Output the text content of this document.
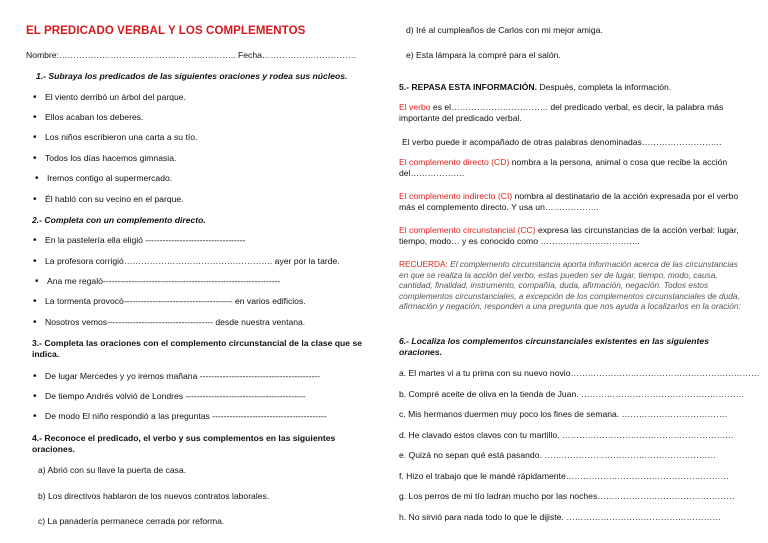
EL PREDICADO VERBAL Y LOS COMPLEMENTOS
Nombre:…………………………………………………….. Fecha……………………………
1.- Subraya los predicados de las siguientes oraciones y rodea sus núcleos.
• El viento derribó un árbol del parque.
• Ellos acaban los deberes.
• Los niños escribieron una carta a su tío.
• Todos los días hacemos gimnasia.
• Iremos contigo al supermercado.
• Él habló con su vecino en el parque.
2.- Completa con un complemento directo.
• En la pastelería ella eligió -----------------------------------
• La profesora corrigió……………………………………………. ayer por la tarde.
• Ana me regaló--------------------------------------------------------------
• La tormenta provocó-------------------------------------- en varios edificios.
• Nosotros vemos------------------------------------- desde nuestra ventana.
3.- Completa las oraciones con el complemento circunstancial de la clase que se indica.
• De lugar Mercedes y yo iremos mañana ------------------------------------------
• De tiempo Andrés volvió de Londres ------------------------------------------
• De modo El niño respondió a las preguntas ----------------------------------------
4.- Reconoce el predicado, el verbo y sus complementos en las siguientes oraciones.
a) Abrió con su llave la puerta de casa.
b) Los directivos hablaron de los nuevos contratos laborales.
c) La panadería permanece cerrada por reforma.
d) Iré al cumpleaños de Carlos con mi mejor amiga.
e) Esta lámpara la compré para el salón.
5.- REPASA ESTA INFORMACIÓN. Después, completa la información.
El verbo es el……………………………. del predicado verbal, es decir, la palabra más importante del predicado verbal.
El verbo puede ir acompañado de otras palabras denominadas……………………….
El complemento directo (CD) nombra a la persona, animal o cosa que recibe la acción del……………….
El complemento indirecto (CI) nombra al destinatario de la acción expresada por el verbo más el complemento directo. Y usa un……………….
El complemento circunstancial (CC) expresa las circunstancias de la acción verbal: lugar, tiempo, modo… y es conocido como ……………………………..
RECUERDA: El complemento circunstancia aporta información acerca de las circunstancias en que se realiza la acción del verbo, estas pueden ser de lugar, tiempo, modo, causa, cantidad, finalidad, instrumento, compañía, duda, afirmación, negación. Todos estos complementos circunstanciales, a excepción de los complementos circunstanciales de duda, afirmación y negación, responden a una pregunta que nos ayuda a localizarlos en la oración:
6.- Localiza los complementos circunstanciales existentes en las siguientes oraciones.
a. El martes vi a tu prima con su nuevo novio…………………………………………………………
b. Compré aceite de oliva en la tienda de Juan. …………………………………………………
c. Mis hermanos duermen muy poco los fines de semana. ……………………………….
d. He clavado estos clavos con tu martillo. ……………………………………………………
e. Quizá no sepan qué está pasando. ……………………………………………………
f. Hizo el trabajo que le mandé rápidamente…………………………………………………
g. Los perros de mi tío ladran mucho por las noches…………………………………………
h. No sirvió para nada todo lo que le dijiste. ………………………………………………
